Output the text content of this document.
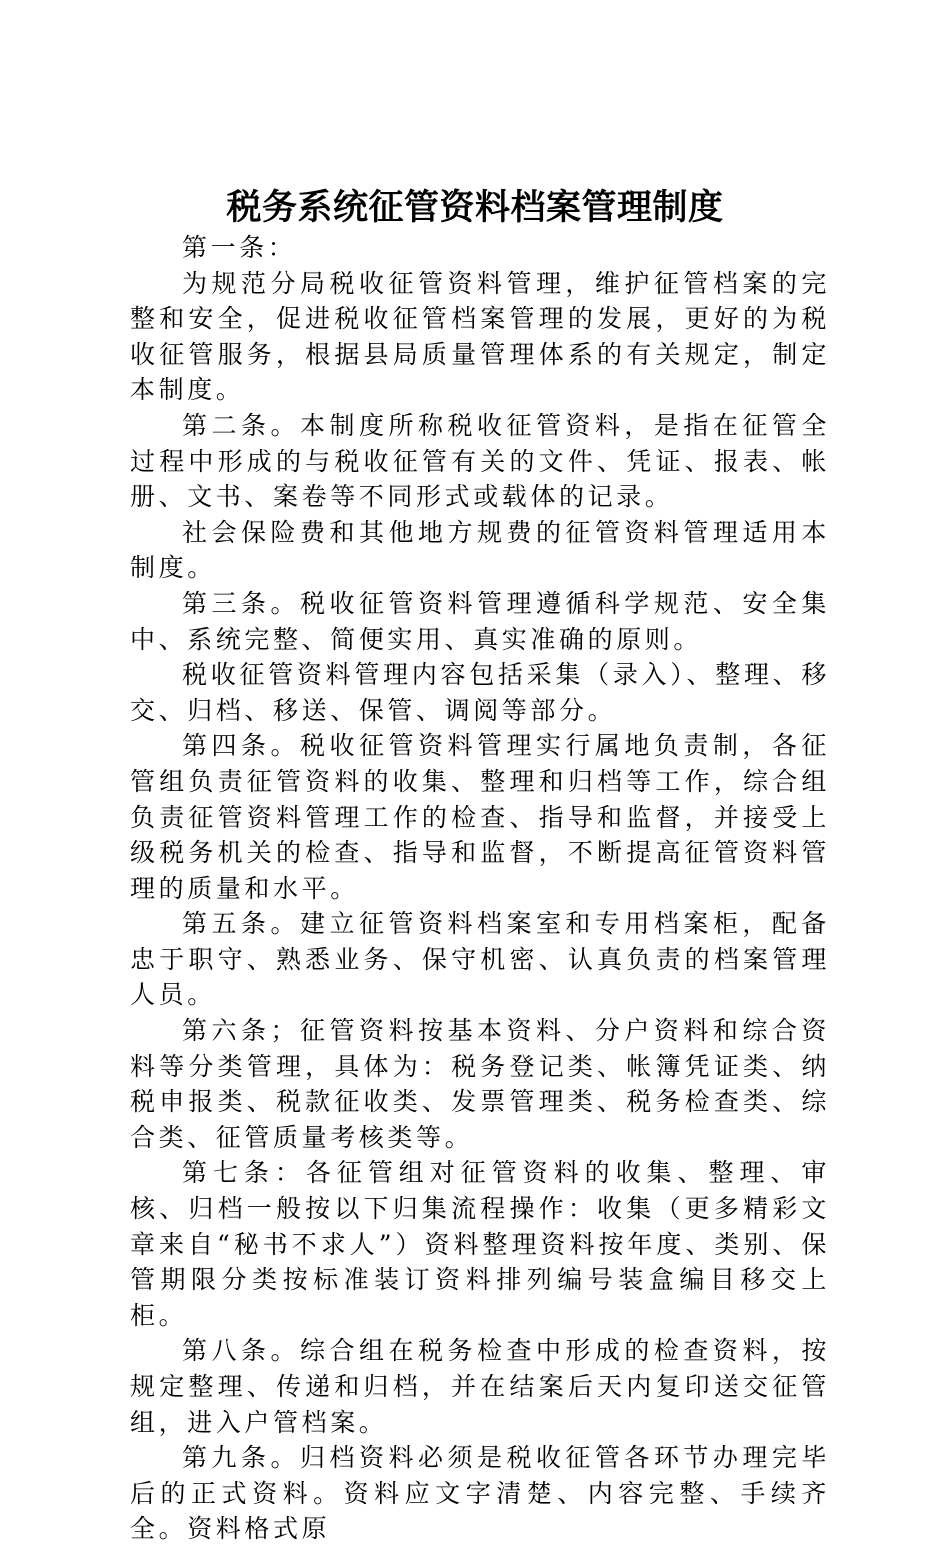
税务系统征管资料档案管理制度

第一条：

为规范分局税收征管资料管理，维护征管档案的完整和安全，促进税收征管档案管理的发展，更好的为税收征管服务，根据县局质量管理体系的有关规定，制定本制度。

第二条。本制度所称税收征管资料，是指在征管全过程中形成的与税收征管有关的文件、凭证、报表、帐册、文书、案卷等不同形式或载体的记录。

社会保险费和其他地方规费的征管资料管理适用本制度。

第三条。税收征管资料管理遵循科学规范、安全集中、系统完整、简便实用、真实准确的原则。

税收征管资料管理内容包括采集（录入）、整理、移交、归档、移送、保管、调阅等部分。

第四条。税收征管资料管理实行属地负责制，各征管组负责征管资料的收集、整理和归档等工作，综合组负责征管资料管理工作的检查、指导和监督，并接受上级税务机关的检查、指导和监督，不断提高征管资料管理的质量和水平。

第五条。建立征管资料档案室和专用档案柜，配备忠于职守、熟悉业务、保守机密、认真负责的档案管理人员。

第六条；征管资料按基本资料、分户资料和综合资料等分类管理，具体为：税务登记类、帐簿凭证类、纳税申报类、税款征收类、发票管理类、税务检查类、综合类、征管质量考核类等。

第七条：各征管组对征管资料的收集、整理、审核、归档一般按以下归集流程操作：收集（更多精彩文章来自“秘书不求人”）资料整理资料按年度、类别、保管期限分类按标准装订资料排列编号装盒编目移交上柜。

第八条。综合组在税务检查中形成的检查资料，按规定整理、传递和归档，并在结案后天内复印送交征管组，进入户管档案。

第九条。归档资料必须是税收征管各环节办理完毕后的正式资料。资料应文字清楚、内容完整、手续齐全。资料格式原
